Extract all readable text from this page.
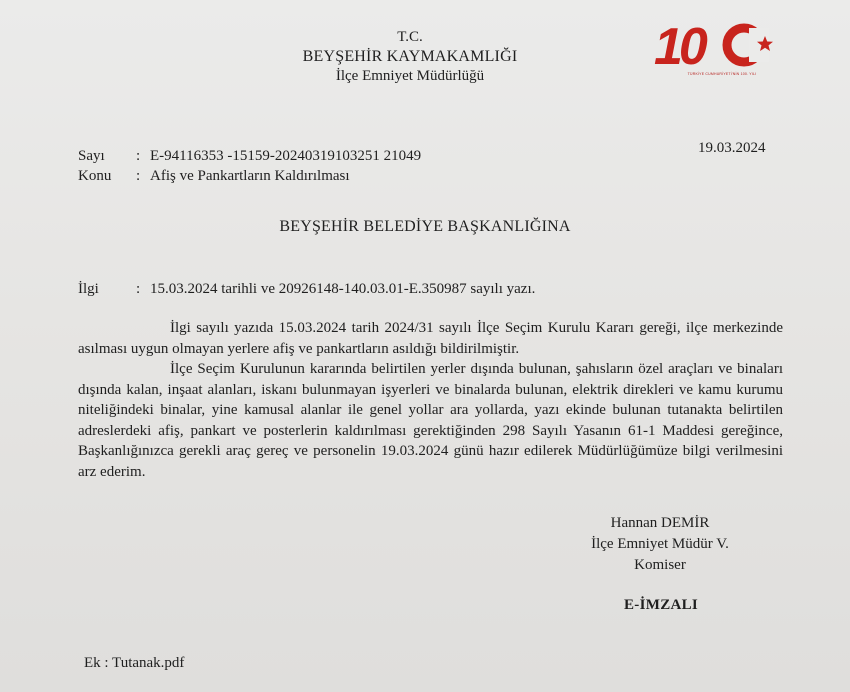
T.C.
BEYŞEHİR KAYMAKAMLIĞI
İlçe Emniyet Müdürlüğü	10
TÜRKİYE CUMHURİYETİ'NİN 100. YILI
19.03.2024
Sayı	: E-94116353 -15159-20240319103251 21049
Konu	: Afiş ve Pankartların Kaldırılması
BEYŞEHİR BELEDİYE BAŞKANLIĞINA
İlgi	: 15.03.2024 tarihli ve 20926148-140.03.01-E.350987 sayılı yazı.

İlgi sayılı yazıda 15.03.2024 tarih 2024/31 sayılı İlçe Seçim Kurulu Kararı gereği, ilçe merkezinde asılması uygun olmayan yerlere afiş ve pankartların asıldığı bildirilmiştir.

İlçe Seçim Kurulunun kararında belirtilen yerler dışında bulunan, şahısların özel araçları ve binaları dışında kalan, inşaat alanları, iskanı bulunmayan işyerleri ve binalarda bulunan, elektrik direkleri ve kamu kurumu niteliğindeki binalar, yine kamusal alanlar ile genel yollar ara yollarda, yazı ekinde bulunan tutanakta belirtilen adreslerdeki afiş, pankart ve posterlerin kaldırılması gerektiğinden 298 Sayılı Yasanın 61-1 Maddesi gereğince, Başkanlığınızca gerekli araç gereç ve personelin 19.03.2024 günü hazır edilerek Müdürlüğümüze bilgi verilmesini arz ederim.

Hannan DEMİR
İlçe Emniyet Müdür V.
Komiser
E-İMZALI
Ek : Tutanak.pdf
